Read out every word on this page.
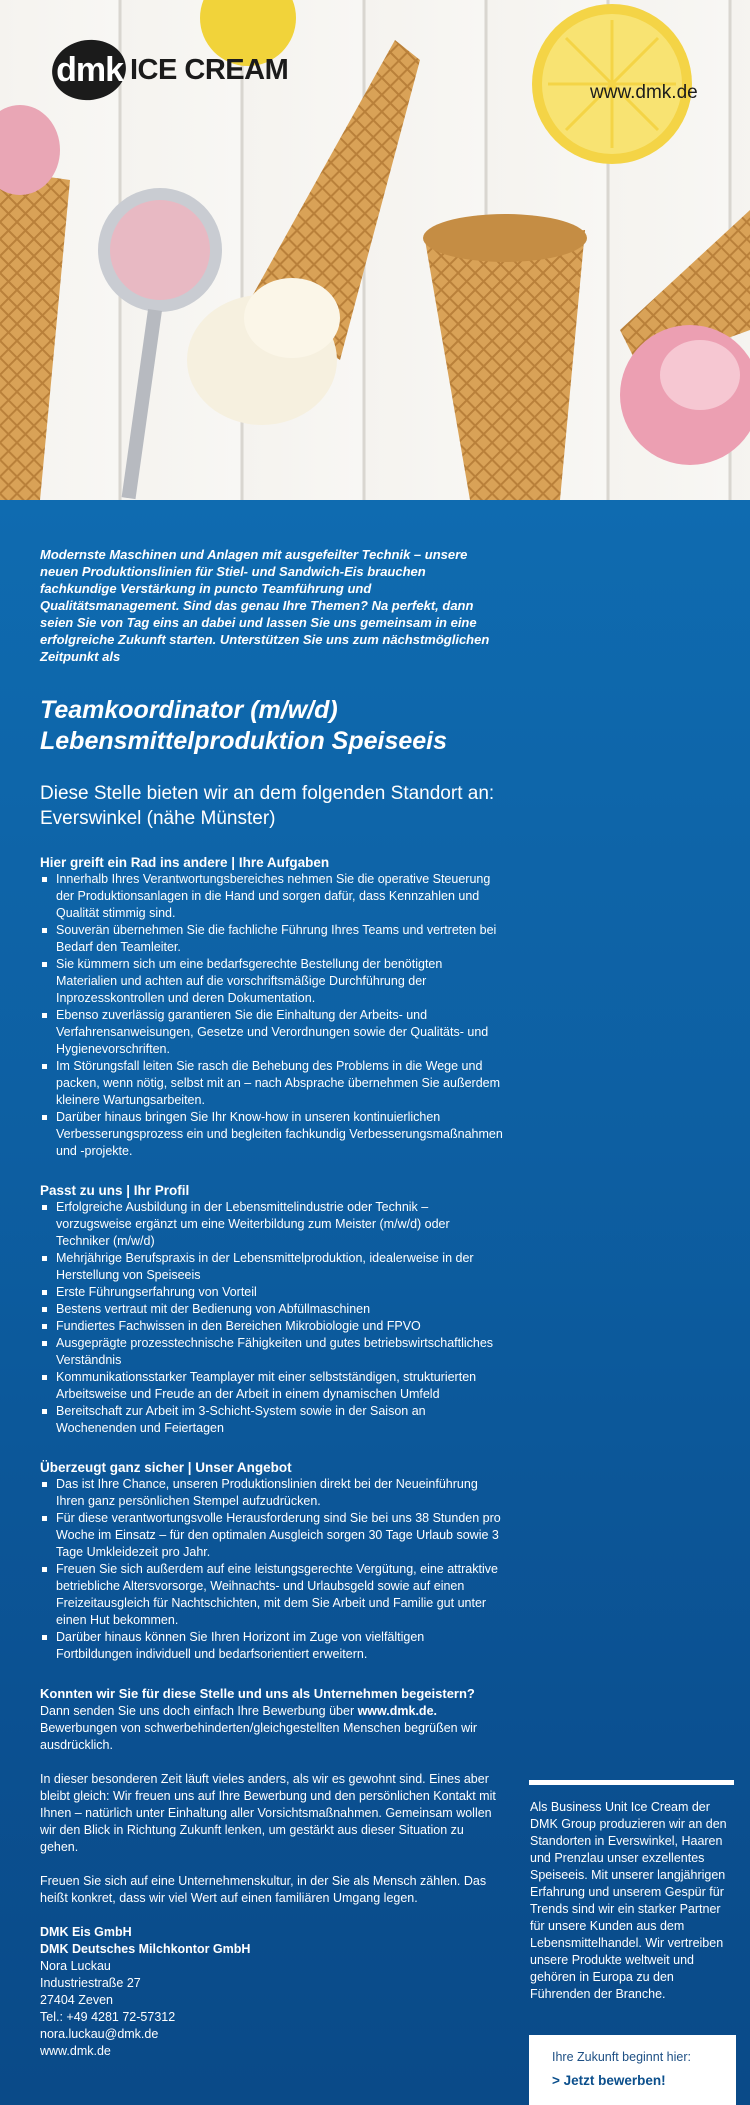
dmk ICE CREAM
www.dmk.de

Modernste Maschinen und Anlagen mit ausgefeilter Technik – unsere neuen Produktionslinien für Stiel- und Sandwich-Eis brauchen fachkundige Verstärkung in puncto Teamführung und Qualitätsmanagement. Sind das genau Ihre Themen? Na perfekt, dann seien Sie von Tag eins an dabei und lassen Sie uns gemeinsam in eine erfolgreiche Zukunft starten. Unterstützen Sie uns zum nächstmöglichen Zeitpunkt als

Teamkoordinator (m/w/d)
Lebensmittelproduktion Speiseeis

Diese Stelle bieten wir an dem folgenden Standort an: Everswinkel (nähe Münster)

Hier greift ein Rad ins andere | Ihre Aufgaben
Innerhalb Ihres Verantwortungsbereiches nehmen Sie die operative Steuerung der Produktionsanlagen in die Hand und sorgen dafür, dass Kennzahlen und Qualität stimmig sind.
Souverän übernehmen Sie die fachliche Führung Ihres Teams und vertreten bei Bedarf den Teamleiter.
Sie kümmern sich um eine bedarfsgerechte Bestellung der benötigten Materialien und achten auf die vorschriftsmäßige Durchführung der Inprozesskontrollen und deren Dokumentation.
Ebenso zuverlässig garantieren Sie die Einhaltung der Arbeits- und Verfahrensanweisungen, Gesetze und Verordnungen sowie der Qualitäts- und Hygienevorschriften.
Im Störungsfall leiten Sie rasch die Behebung des Problems in die Wege und packen, wenn nötig, selbst mit an – nach Absprache übernehmen Sie außerdem kleinere Wartungsarbeiten.
Darüber hinaus bringen Sie Ihr Know-how in unseren kontinuierlichen Verbesserungsprozess ein und begleiten fachkundig Verbesserungsmaßnahmen und -projekte.
Passt zu uns | Ihr Profil
Erfolgreiche Ausbildung in der Lebensmittelindustrie oder Technik – vorzugsweise ergänzt um eine Weiterbildung zum Meister (m/w/d) oder Techniker (m/w/d)
Mehrjährige Berufspraxis in der Lebensmittelproduktion, idealerweise in der Herstellung von Speiseeis
Erste Führungserfahrung von Vorteil
Bestens vertraut mit der Bedienung von Abfüllmaschinen
Fundiertes Fachwissen in den Bereichen Mikrobiologie und FPVO
Ausgeprägte prozesstechnische Fähigkeiten und gutes betriebswirtschaftliches Verständnis
Kommunikationsstarker Teamplayer mit einer selbstständigen, strukturierten Arbeitsweise und Freude an der Arbeit in einem dynamischen Umfeld
Bereitschaft zur Arbeit im 3-Schicht-System sowie in der Saison an Wochenenden und Feiertagen
Überzeugt ganz sicher | Unser Angebot
Das ist Ihre Chance, unseren Produktionslinien direkt bei der Neueinführung Ihren ganz persönlichen Stempel aufzudrücken.
Für diese verantwortungsvolle Herausforderung sind Sie bei uns 38 Stunden pro Woche im Einsatz – für den optimalen Ausgleich sorgen 30 Tage Urlaub sowie 3 Tage Umkleidezeit pro Jahr.
Freuen Sie sich außerdem auf eine leistungsgerechte Vergütung, eine attraktive betriebliche Altersvorsorge, Weihnachts- und Urlaubsgeld sowie auf einen Freizeitausgleich für Nachtschichten, mit dem Sie Arbeit und Familie gut unter einen Hut bekommen.
Darüber hinaus können Sie Ihren Horizont im Zuge von vielfältigen Fortbildungen individuell und bedarfsorientiert erweitern.

Konnten wir Sie für diese Stelle und uns als Unternehmen begeistern?
Dann senden Sie uns doch einfach Ihre Bewerbung über www.dmk.de. Bewerbungen von schwerbehinderten/gleichgestellten Menschen begrüßen wir ausdrücklich.

In dieser besonderen Zeit läuft vieles anders, als wir es gewohnt sind. Eines aber bleibt gleich: Wir freuen uns auf Ihre Bewerbung und den persönlichen Kontakt mit Ihnen – natürlich unter Einhaltung aller Vorsichtsmaßnahmen. Gemeinsam wollen wir den Blick in Richtung Zukunft lenken, um gestärkt aus dieser Situation zu gehen.

Freuen Sie sich auf eine Unternehmenskultur, in der Sie als Mensch zählen. Das heißt konkret, dass wir viel Wert auf einen familiären Umgang legen.

DMK Eis GmbH
DMK Deutsches Milchkontor GmbH
Nora Luckau
Industriestraße 27
27404 Zeven
Tel.: +49 4281 72-57312
nora.luckau@dmk.de
www.dmk.de

Als Business Unit Ice Cream der DMK Group produzieren wir an den Standorten in Everswinkel, Haaren und Prenzlau unser exzellentes Speiseeis. Mit unserer langjährigen Erfahrung und unserem Gespür für Trends sind wir ein starker Partner für unsere Kunden aus dem Lebensmittelhandel. Wir vertreiben unsere Produkte weltweit und gehören in Europa zu den Führenden der Branche.

Ihre Zukunft beginnt hier:
> Jetzt bewerben!
